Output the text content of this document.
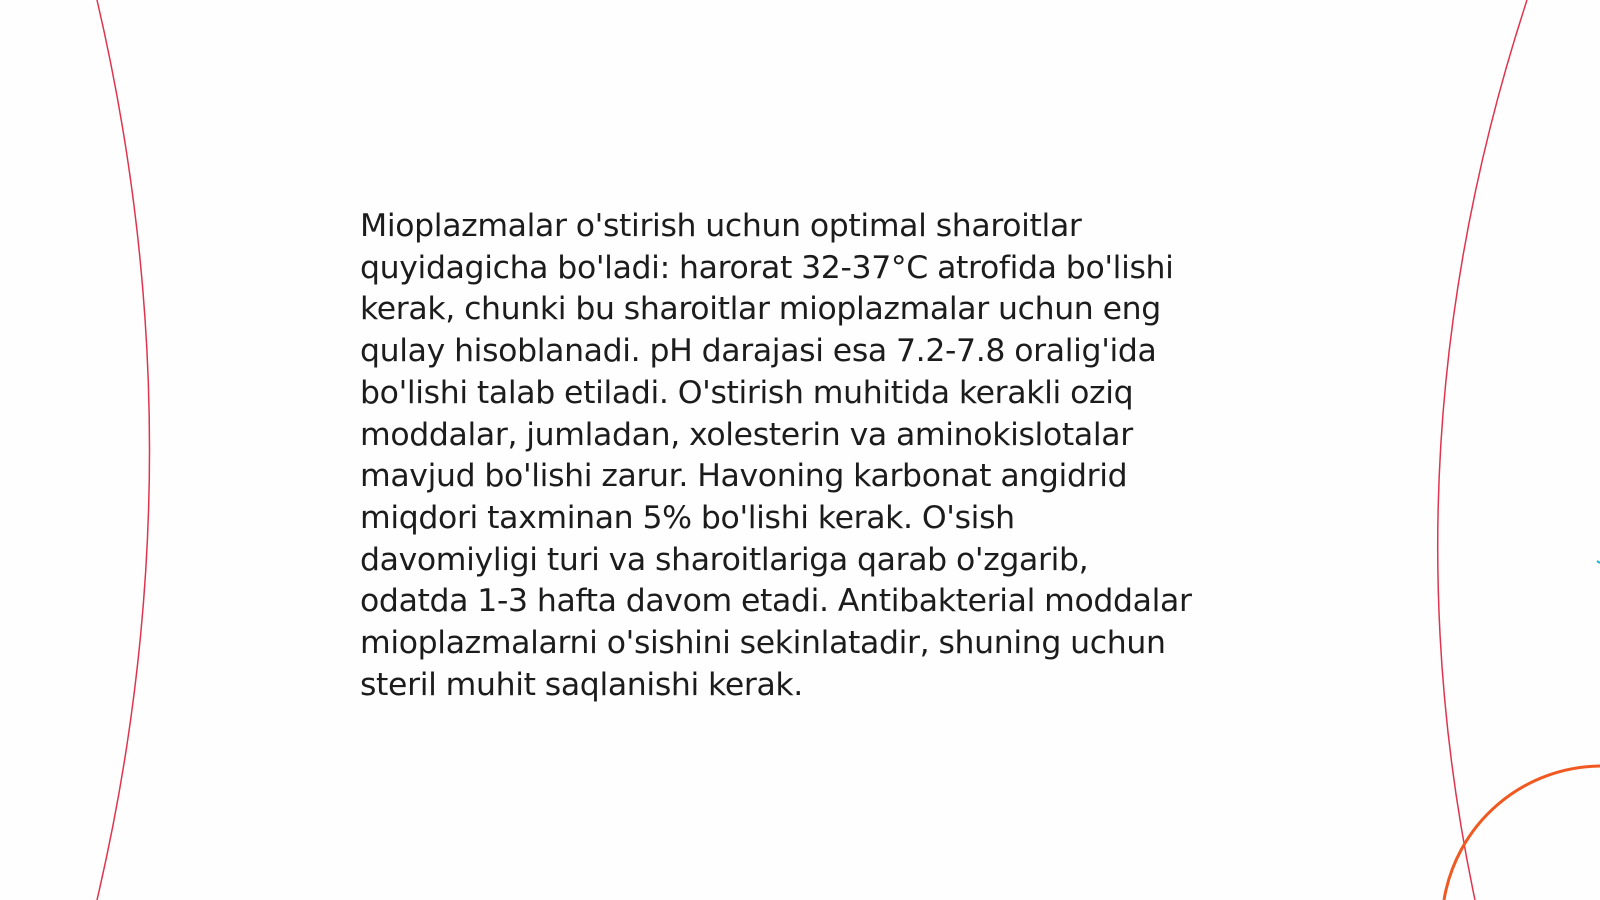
Mioplazmalar o'stirish uchun optimal sharoitlar
quyidagicha bo'ladi: harorat 32-37°C atrofida bo'lishi
kerak, chunki bu sharoitlar mioplazmalar uchun eng
qulay hisoblanadi. pH darajasi esa 7.2-7.8 oralig'ida
bo'lishi talab etiladi. O'stirish muhitida kerakli oziq
moddalar, jumladan, xolesterin va aminokislotalar
mavjud bo'lishi zarur. Havoning karbonat angidrid
miqdori taxminan 5% bo'lishi kerak. O'sish
davomiyligi turi va sharoitlariga qarab o'zgarib,
odatda 1-3 hafta davom etadi. Antibakterial moddalar
mioplazmalarni o'sishini sekinlatadir, shuning uchun
steril muhit saqlanishi kerak.
